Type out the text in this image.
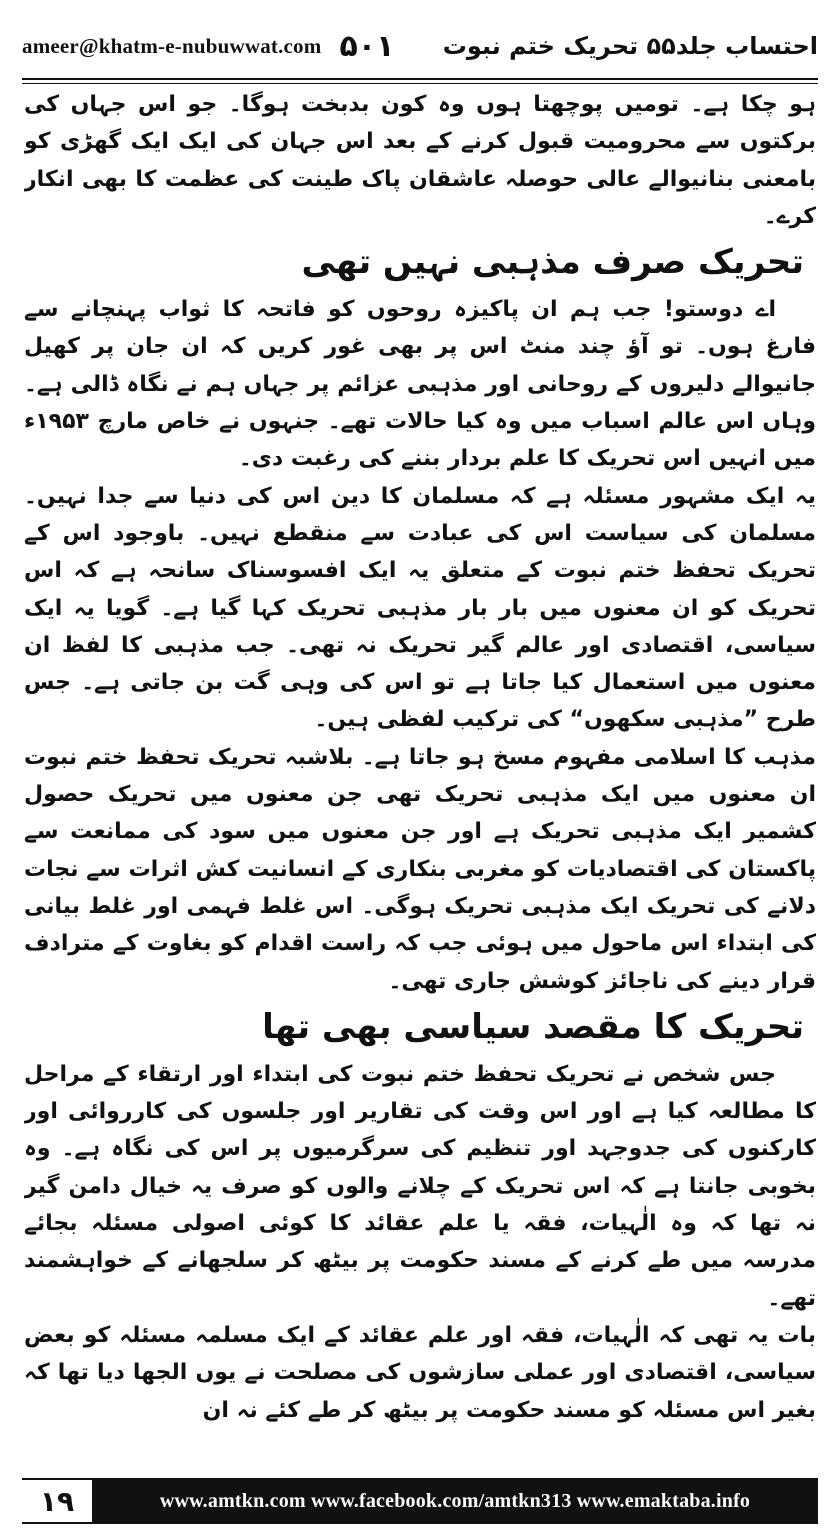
ameer@khatm-e-nubuwwat.com ۵۰۱ احتساب جلد۵۵ تحریک ختم نبوت

ہو چکا ہے۔ تومیں پوچھتا ہوں وہ کون بدبخت ہوگا۔ جو اس جہاں کی برکتوں سے محرومیت قبول کرنے کے بعد اس جہان کی ایک ایک گھڑی کو بامعنی بنانیوالے عالی حوصلہ عاشقان پاک طینت کی عظمت کا بھی انکار کرے۔

تحریک صرف مذہبی نہیں تھی

اے دوستو! جب ہم ان پاکیزہ روحوں کو فاتحہ کا ثواب پہنچانے سے فارغ ہوں۔ تو آؤ چند منٹ اس پر بھی غور کریں کہ ان جان پر کھیل جانیوالے دلیروں کے روحانی اور مذہبی عزائم پر جہاں ہم نے نگاہ ڈالی ہے۔ وہاں اس عالم اسباب میں وہ کیا حالات تھے۔ جنہوں نے خاص مارچ ۱۹۵۳ء میں انہیں اس تحریک کا علم بردار بننے کی رغبت دی۔

یہ ایک مشہور مسئلہ ہے کہ مسلمان کا دین اس کی دنیا سے جدا نہیں۔ مسلمان کی سیاست اس کی عبادت سے منقطع نہیں۔ باوجود اس کے تحریک تحفظ ختم نبوت کے متعلق یہ ایک افسوسناک سانحہ ہے کہ اس تحریک کو ان معنوں میں بار بار مذہبی تحریک کہا گیا ہے۔ گویا یہ ایک سیاسی، اقتصادی اور عالم گیر تحریک نہ تھی۔ جب مذہبی کا لفظ ان معنوں میں استعمال کیا جاتا ہے تو اس کی وہی گت بن جاتی ہے۔ جس طرح ”مذہبی سکھوں“ کی ترکیب لفظی ہیں۔

مذہب کا اسلامی مفہوم مسخ ہو جاتا ہے۔ بلاشبہ تحریک تحفظ ختم نبوت ان معنوں میں ایک مذہبی تحریک تھی جن معنوں میں تحریک حصول کشمیر ایک مذہبی تحریک ہے اور جن معنوں میں سود کی ممانعت سے پاکستان کی اقتصادیات کو مغربی بنکاری کے انسانیت کش اثرات سے نجات دلانے کی تحریک ایک مذہبی تحریک ہوگی۔ اس غلط فہمی اور غلط بیانی کی ابتداء اس ماحول میں ہوئی جب کہ راست اقدام کو بغاوت کے مترادف قرار دینے کی ناجائز کوشش جاری تھی۔

تحریک کا مقصد سیاسی بھی تھا

جس شخص نے تحریک تحفظ ختم نبوت کی ابتداء اور ارتقاء کے مراحل کا مطالعہ کیا ہے اور اس وقت کی تقاریر اور جلسوں کی کارروائی اور کارکنوں کی جدوجہد اور تنظیم کی سرگرمیوں پر اس کی نگاہ ہے۔ وہ بخوبی جانتا ہے کہ اس تحریک کے چلانے والوں کو صرف یہ خیال دامن گیر نہ تھا کہ وہ الٰہیات، فقہ یا علم عقائد کا کوئی اصولی مسئلہ بجائے مدرسہ میں طے کرنے کے مسند حکومت پر بیٹھ کر سلجھانے کے خواہشمند تھے۔

بات یہ تھی کہ الٰہیات، فقہ اور علم عقائد کے ایک مسلمہ مسئلہ کو بعض سیاسی، اقتصادی اور عملی سازشوں کی مصلحت نے یوں الجھا دیا تھا کہ بغیر اس مسئلہ کو مسند حکومت پر بیٹھ کر طے کئے نہ ان

۱۹	www.amtkn.com www.facebook.com/amtkn313 www.emaktaba.info
